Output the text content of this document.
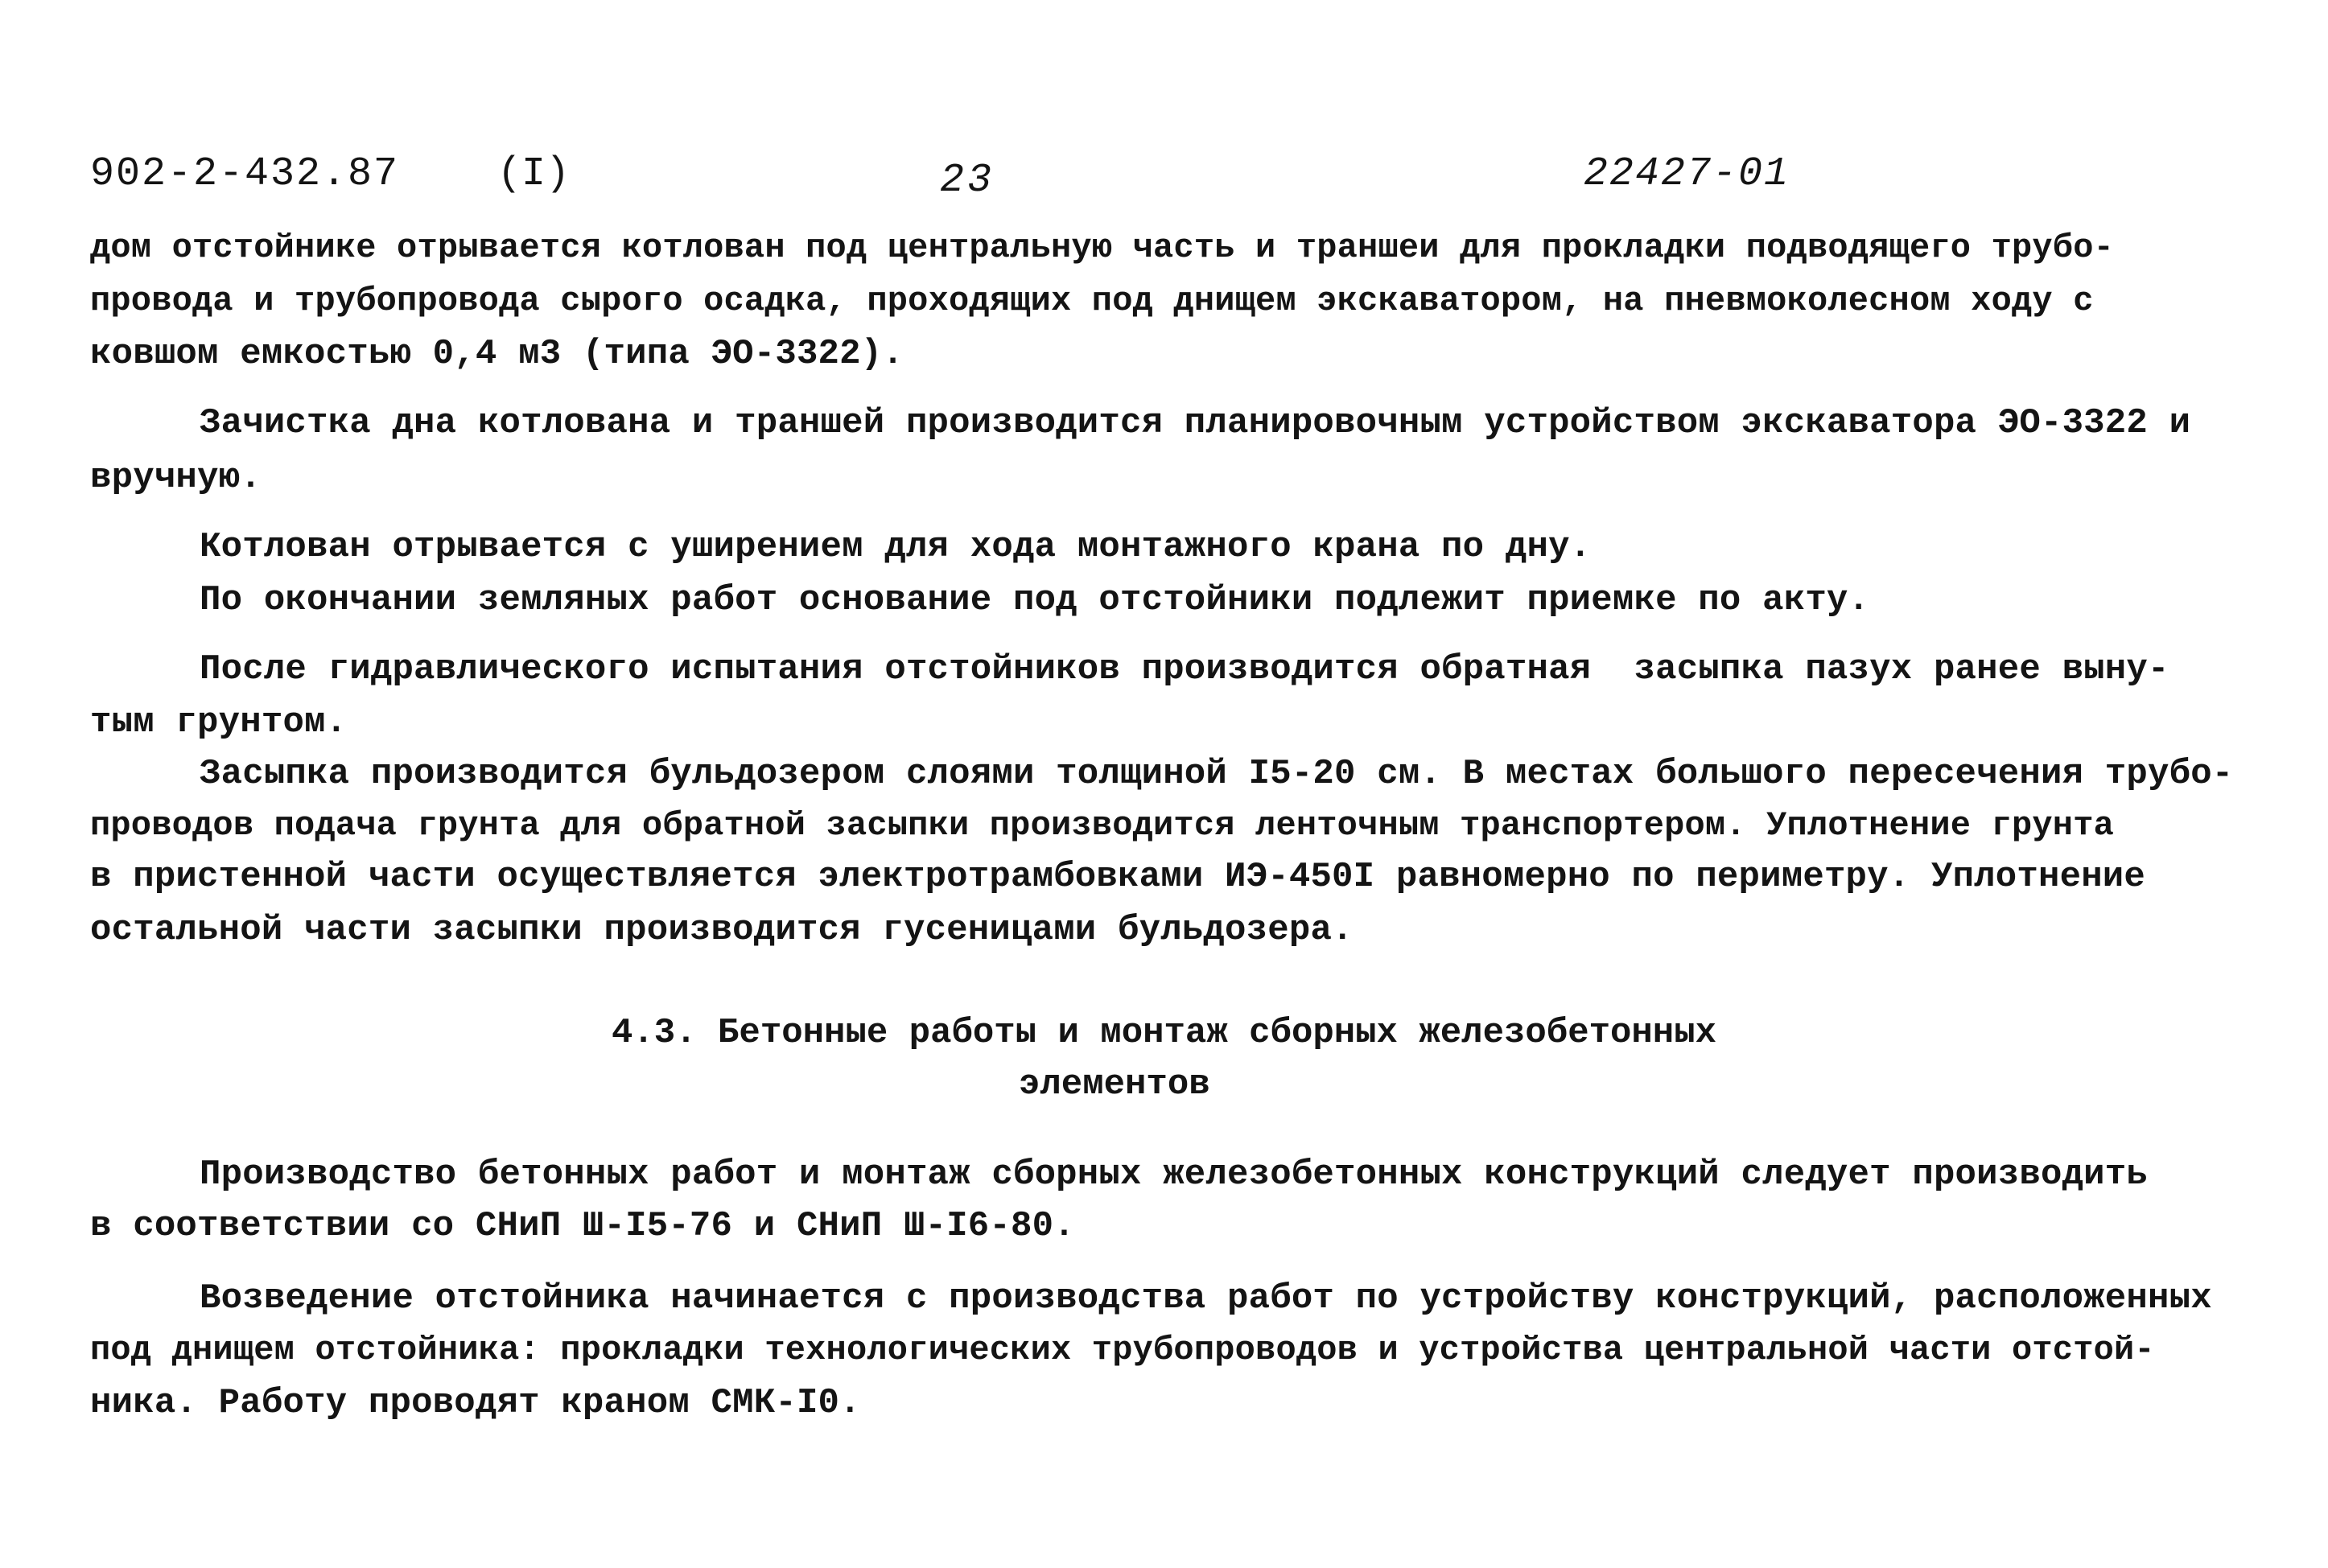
902-2-432.87 (I)	23	22427-01
дом отстойнике отрывается котлован под центральную часть и траншеи для прокладки подводящего трубо-
провода и трубопровода сырого осадка, проходящих под днищем экскаватором, на пневмоколесном ходу с
ковшом емкостью 0,4 м3 (типа ЭО-3322).
Зачистка дна котлована и траншей производится планировочным устройством экскаватора ЭО-3322 и
вручную.
Котлован отрывается с уширением для хода монтажного крана по дну.
По окончании земляных работ основание под отстойники подлежит приемке по акту.
После гидравлического испытания отстойников производится обратная  засыпка пазух ранее выну-
тым грунтом.
Засыпка производится бульдозером слоями толщиной I5-20 см. В местах большого пересечения трубо-
проводов подача грунта для обратной засыпки производится ленточным транспортером. Уплотнение грунта
в пристенной части осуществляется электротрамбовками ИЭ-450I равномерно по периметру. Уплотнение
остальной части засыпки производится гусеницами бульдозера.
4.3. Бетонные работы и монтаж сборных железобетонных
элементов
Производство бетонных работ и монтаж сборных железобетонных конструкций следует производить
в соответствии со СНиП Ш-I5-76 и СНиП Ш-I6-80.
Возведение отстойника начинается с производства работ по устройству конструкций, расположенных
под днищем отстойника: прокладки технологических трубопроводов и устройства центральной части отстой-
ника. Работу проводят краном СМК-I0.
